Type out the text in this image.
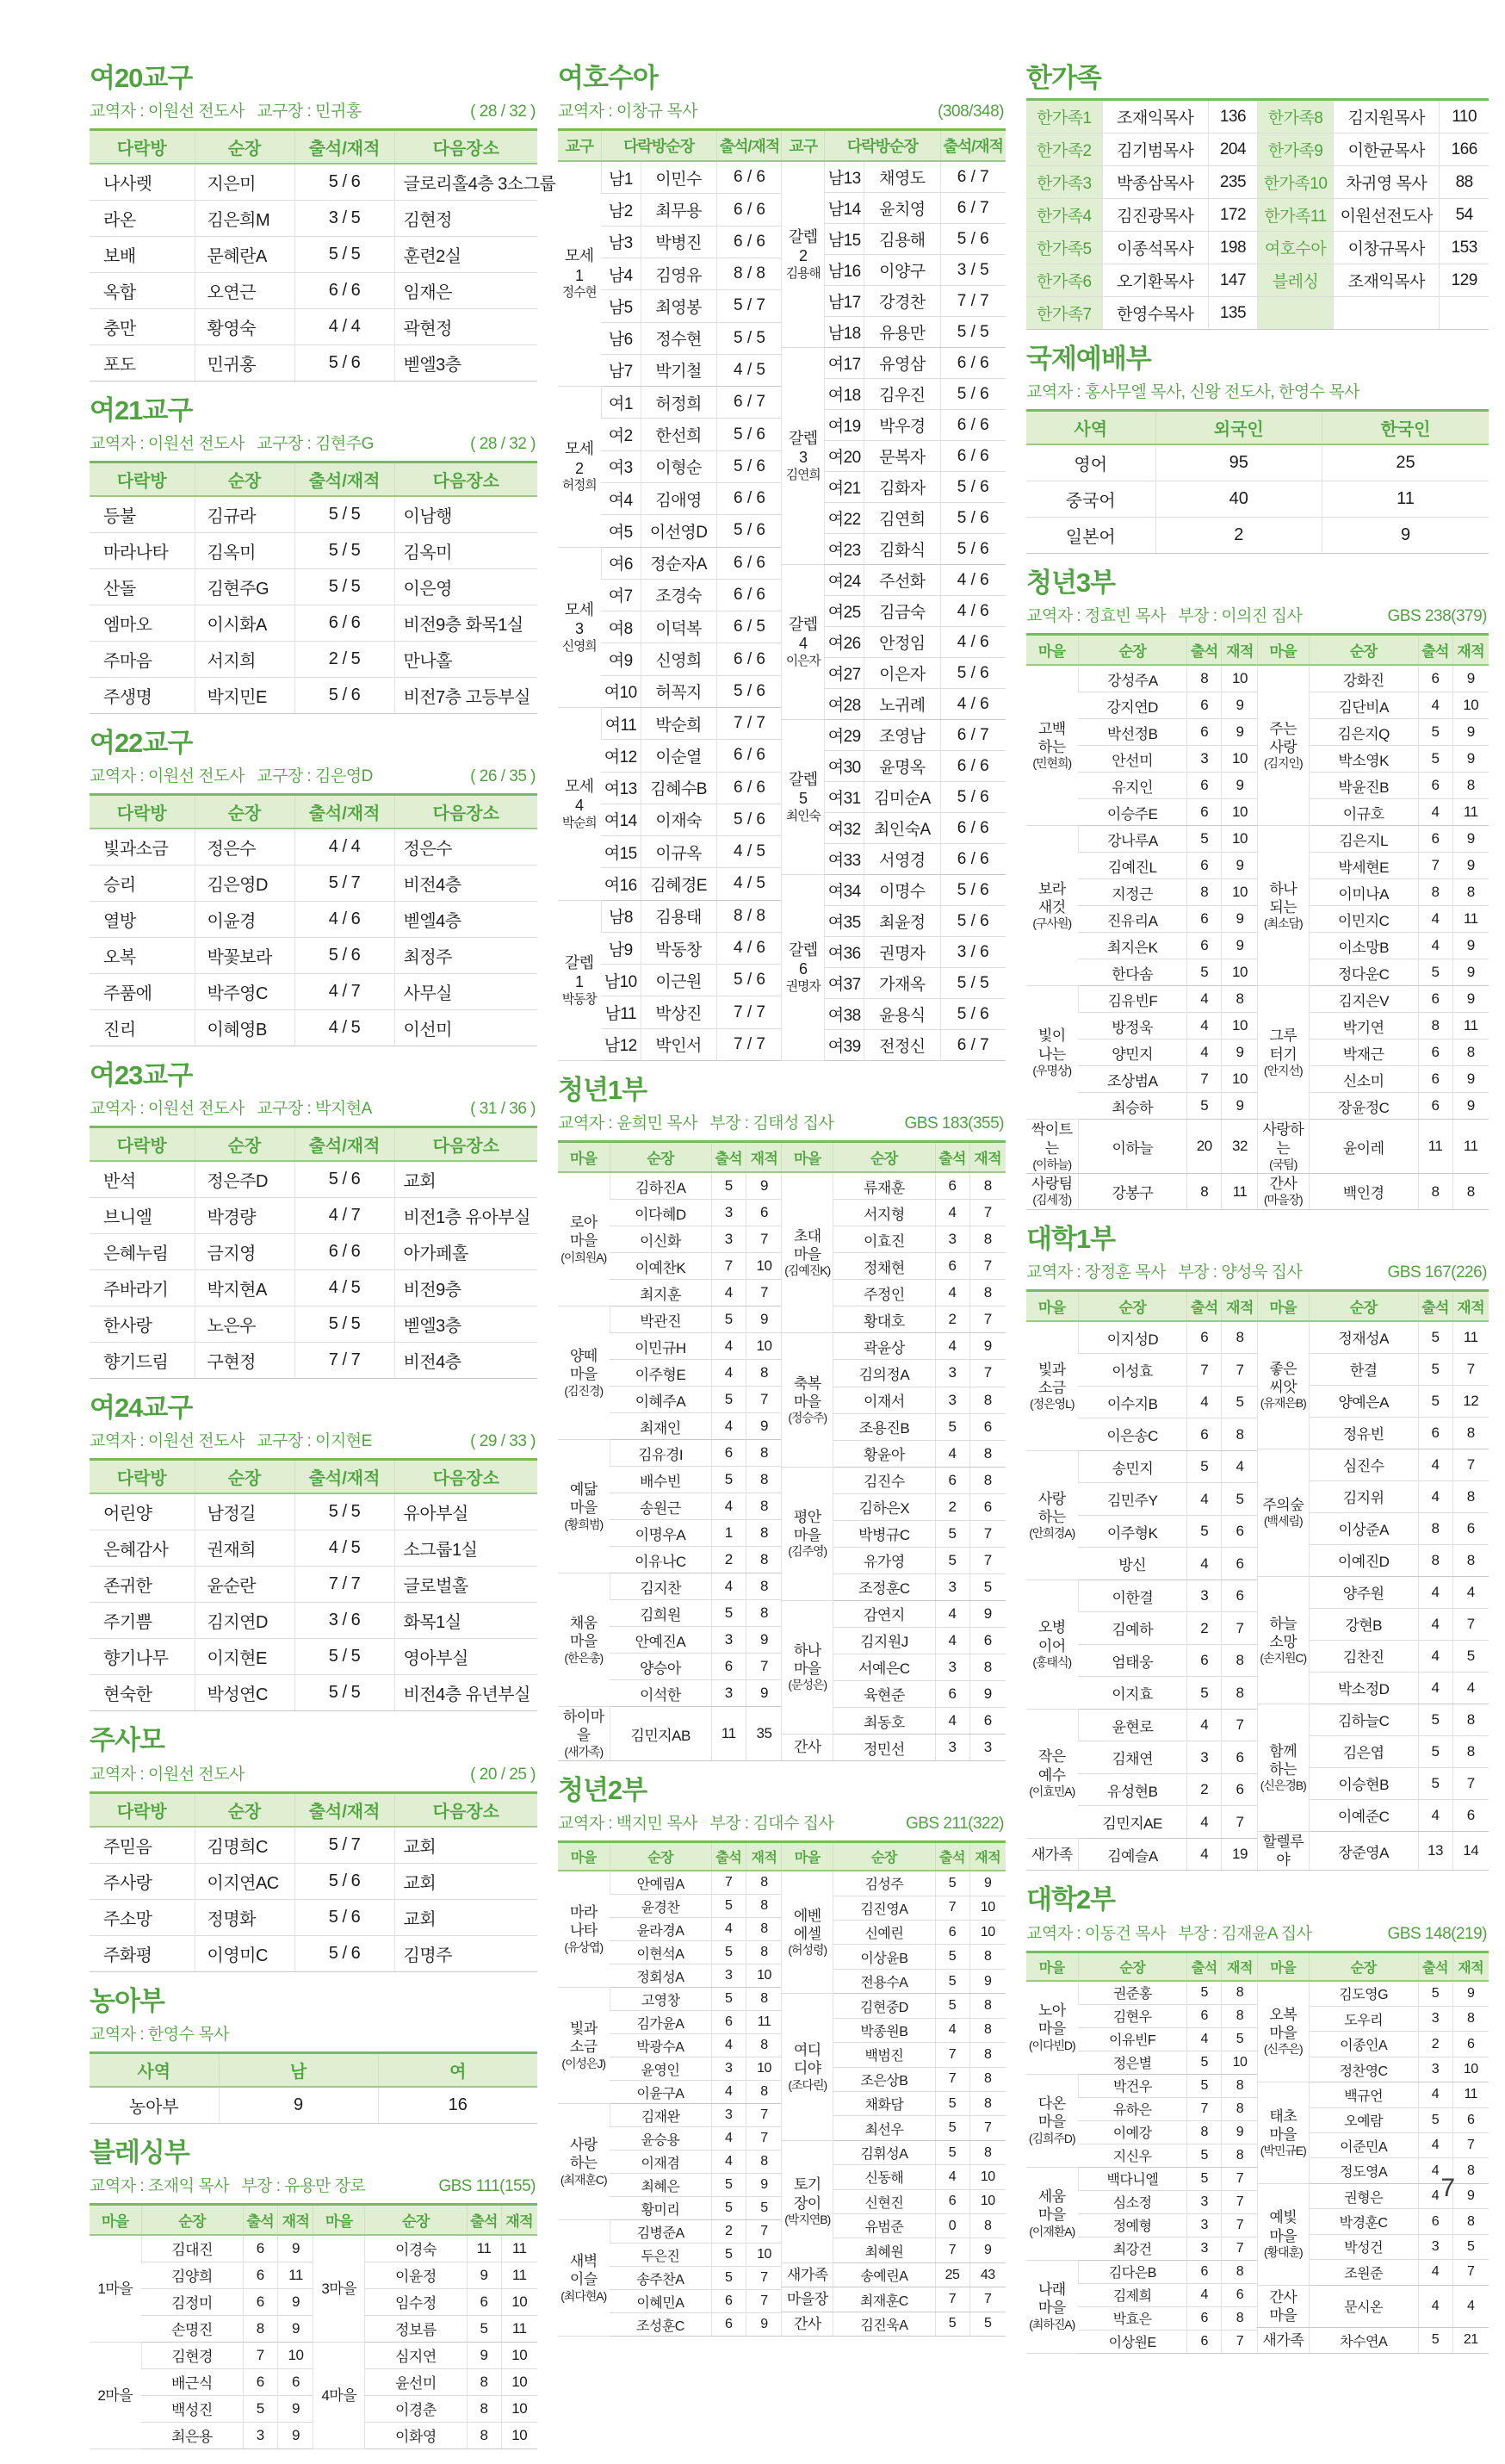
여20교구
교역자 : 이원선 전도사   교구장 : 민귀홍	( 28 / 32 )
다락방	순장	출석/재적	다음장소
나사렛	지은미	5 / 6	글로리홀4층 3소그룹
라온	김은희M	3 / 5	김현정
보배	문혜란A	5 / 5	훈련2실
옥합	오연근	6 / 6	임재은
충만	황영숙	4 / 4	곽현정
포도	민귀홍	5 / 6	벧엘3층
여21교구
교역자 : 이원선 전도사   교구장 : 김현주G	( 28 / 32 )
다락방	순장	출석/재적	다음장소
등불	김규라	5 / 5	이남행
마라나타	김옥미	5 / 5	김옥미
산돌	김현주G	5 / 5	이은영
엠마오	이시화A	6 / 6	비전9층 화목1실
주마음	서지희	2 / 5	만나홀
주생명	박지민E	5 / 6	비전7층 고등부실
여22교구
교역자 : 이원선 전도사   교구장 : 김은영D	( 26 / 35 )
다락방	순장	출석/재적	다음장소
빛과소금	정은수	4 / 4	정은수
승리	김은영D	5 / 7	비전4층
열방	이윤경	4 / 6	벧엘4층
오복	박꽃보라	5 / 6	최정주
주품에	박주영C	4 / 7	사무실
진리	이혜영B	4 / 5	이선미
여23교구
교역자 : 이원선 전도사   교구장 : 박지현A	( 31 / 36 )
다락방	순장	출석/재적	다음장소
반석	정은주D	5 / 6	교회
브니엘	박경량	4 / 7	비전1층 유아부실
은혜누림	금지영	6 / 6	아가페홀
주바라기	박지현A	4 / 5	비전9층
한사랑	노은우	5 / 5	벧엘3층
향기드림	구현정	7 / 7	비전4층
여24교구
교역자 : 이원선 전도사   교구장 : 이지현E	( 29 / 33 )
다락방	순장	출석/재적	다음장소
어린양	남정길	5 / 5	유아부실
은혜감사	권재희	4 / 5	소그룹1실
존귀한	윤순란	7 / 7	글로벌홀
주기쁨	김지연D	3 / 6	화목1실
향기나무	이지현E	5 / 5	영아부실
현숙한	박성연C	5 / 5	비전4층 유년부실
주사모
교역자 : 이원선 전도사	( 20 / 25 )
다락방	순장	출석/재적	다음장소
주믿음	김명희C	5 / 7	교회
주사랑	이지연AC	5 / 6	교회
주소망	정명화	5 / 6	교회
주화평	이영미C	5 / 6	김명주
농아부
교역자 : 한영수 목사
사역	남	여
농아부	9	16
블레싱부
교역자 : 조재익 목사   부장 : 유용만 장로	GBS 111(155)
마을	순장	출석	재적

1마을	김대진	6	9
	김양희	6	11
	김정미	6	9
	손명진	8	9

2마을	김현경	7	10
	배근식	6	6
	백성진	5	9
	최은용	3	9
마을	순장	출석	재적

3마을	이경숙	11	11
	이윤정	9	11
	임수정	6	10
	정보름	5	11

4마을	심지연	9	10
	윤선미	8	10
	이경춘	8	10
	이화영	8	10
여호수아
교역자 : 이창규 목사	(308/348)
교구	다락방순장		출석/재적

모세
1
정수현	남1	이민수	6 / 6
	남2	최무용	6 / 6
	남3	박병진	6 / 6
	남4	김영유	8 / 8
	남5	최영봉	5 / 7
	남6	정수현	5 / 5
	남7	박기철	4 / 5

모세
2
허정희	여1	허정희	6 / 7
	여2	한선희	5 / 6
	여3	이형순	5 / 6
	여4	김애영	6 / 6
	여5	이선영D	5 / 6

모세
3
신영희	여6	정순자A	6 / 6
	여7	조경숙	6 / 6
	여8	이덕복	6 / 5
	여9	신영희	6 / 6
	여10	허꼭지	5 / 6

모세
4
박순희	여11	박순희	7 / 7
	여12	이순열	6 / 6
	여13	김혜수B	6 / 6
	여14	이재숙	5 / 6
	여15	이규옥	4 / 5
	여16	김혜경E	4 / 5

갈렙
1
박동창	남8	김용태	8 / 8
	남9	박동창	4 / 6
	남10	이근원	5 / 6
	남11	박상진	7 / 7
	남12	박인서	7 / 7
교구	다락방순장		출석/재적

갈렙
2
김용해	남13	채영도	6 / 7
	남14	윤치영	6 / 7
	남15	김용해	5 / 6
	남16	이양구	3 / 5
	남17	강경찬	7 / 7
	남18	유용만	5 / 5

갈렙
3
김연희	여17	유영삼	6 / 6
	여18	김우진	5 / 6
	여19	박우경	6 / 6
	여20	문복자	6 / 6
	여21	김화자	5 / 6
	여22	김연희	5 / 6
	여23	김화식	5 / 6

갈렙
4
이은자	여24	주선화	4 / 6
	여25	김금숙	4 / 6
	여26	안정임	4 / 6
	여27	이은자	5 / 6
	여28	노귀례	4 / 6

갈렙
5
최인숙	여29	조영남	6 / 7
	여30	윤명옥	6 / 6
	여31	김미순A	5 / 6
	여32	최인숙A	6 / 6
	여33	서영경	6 / 6

갈렙
6
권명자	여34	이명수	5 / 6
	여35	최윤정	5 / 6
	여36	권명자	3 / 6
	여37	가재옥	5 / 5
	여38	윤용식	5 / 6
	여39	전정신	6 / 7
청년1부
교역자 : 윤희민 목사   부장 : 김태성 집사	GBS 183(355)
마을	순장	출석	재적

로아
마을
(이희원A)	김하진A	5	9
	이다혜D	3	6
	이신화	3	7
	이예찬K	7	10
	최지훈	4	7

양떼
마을
(김진경)	박관진	5	9
	이민규H	4	10
	이주형E	4	8
	이혜주A	5	7
	최재인	4	9

예닮
마을
(황희범)	김유경I	6	8
	배수빈	5	8
	송원근	4	8
	이명우A	1	8
	이유나C	2	8

채움
마을
(한은총)	김지찬	4	8
	김희원	5	8
	안예진A	3	9
	양승아	6	7
	이석한	3	9

하이마을
(새가족)	김민지AB	11	35
마을	순장	출석	재적

초대
마을
(김예진K)	류재훈	6	8
	서지형	4	7
	이효진	3	8
	정채현	6	7
	주정인	4	8
	황대호	2	7

축복
마을
(정승주)	곽윤상	4	9
	김의정A	3	7
	이재서	3	8
	조용진B	5	6
	황윤아	4	8

평안
마을
(김주영)	김진수	6	8
	김하은X	2	6
	박병규C	5	7
	유가영	5	7
	조정훈C	3	5

하나
마을
(문성은)	감연지	4	9
	김지원J	4	6
	서예은C	3	8
	육현준	6	9
	최동호	4	6

간사	정민선	3	3
청년2부
교역자 : 백지민 목사   부장 : 김대수 집사	GBS 211(322)
마을	순장	출석	재적

마라
나타
(유상엽)	안예림A	7	8
	윤경찬	5	8
	윤라경A	4	8
	이현석A	5	8
	정회성A	3	10

빛과
소금
(이성은J)	고영창	5	8
	김가윤A	6	11
	박광수A	4	8
	윤영인	3	10
	이윤구A	4	8

사랑
하는
(최재훈C)	김재완	3	7
	윤승용	4	7
	이재겸	4	8
	최혜은	5	9
	황미리	5	5

새벽
이슬
(최다현A)	김병준A	2	7
	두은진	5	10
	송주찬A	5	7
	이혜민A	6	7
	조성훈C	6	9
마을	순장	출석	재적

에벤
에셀
(허성령)	김성주	5	9
	김진영A	7	10
	신예린	6	10
	이상윤B	5	8
	전용수A	5	9

여디
디야
(조다린)	김현중D	5	8
	박종원B	4	8
	백범진	7	8
	조은상B	7	8
	채화담	5	8
	최선우	5	7

토기
장이
(박지연B)	김휘성A	5	8
	신동해	4	10
	신현진	6	10
	유범준	0	8
	최혜원	7	9

새가족	송예린A	25	43

마을장	최재훈C	7	7

간사	김진욱A	5	5
한가족
한가족1	조재익목사	136	한가족8	김지원목사	110
한가족2	김기범목사	204	한가족9	이한균목사	166
한가족3	박종삼목사	235	한가족10	차귀영 목사	88
한가족4	김진광목사	172	한가족11	이원선전도사	54
한가족5	이종석목사	198	여호수아	이창규목사	153
한가족6	오기환목사	147	블레싱	조재익목사	129
한가족7	한영수목사	135			
국제예배부
교역자 : 홍사무엘 목사, 신왕 전도사, 한영수 목사
사역	외국인	한국인
영어	95	25
중국어	40	11
일본어	2	9
청년3부
교역자 : 정효빈 목사   부장 : 이의진 집사	GBS 238(379)
마을	순장	출석	재적

고백
하는
(민현희)	강성주A	8	10
	강지연D	6	9
	박선정B	6	9
	안선미	3	10
	유지인	6	9
	이승주E	6	10

보라
새것
(구사원)	강나루A	5	10
	김예진L	6	9
	지정근	8	10
	진유리A	6	9
	최지은K	6	9
	한다솜	5	10

빛이
나는
(우명상)	김유빈F	4	8
	방정욱	4	10
	양민지	4	9
	조상범A	7	10
	최승하	5	9

싹이트는
(이하늘)	이하늘	20	32

사랑팀
(김세정)	강봉구	8	11
마을	순장	출석	재적

주는
사랑
(김지인)	강화진	6	9
	김단비A	4	10
	김은지Q	5	9
	박소영K	5	9
	박윤진B	6	8
	이규호	4	11

하나
되는
(최소담)	김은지L	6	9
	박세현E	7	9
	이미나A	8	8
	이민지C	4	11
	이소망B	4	9
	정다운C	5	9

그루
터기
(안지선)	김지은V	6	9
	박기연	8	11
	박재근	6	8
	신소미	6	9
	장윤정C	6	9

사랑하는
(국팀)	윤이레	11	11

간사
(마을장)	백인경	8	8
대학1부
교역자 : 장정훈 목사   부장 : 양성욱 집사	GBS 167(226)
마을	순장	출석	재적

빛과
소금
(정은영L)	이지성D	6	8
	이성효	7	7
	이수지B	4	5
	이은송C	6	8

사랑
하는
(안희경A)	송민지	5	4
	김민주Y	4	5
	이주형K	5	6
	방신	4	6

오병
이어
(홍태식)	이한결	3	6
	김예하	2	7
	엄태웅	6	8
	이지효	5	8

작은
예수
(이효민A)	윤현로	4	7
	김채연	3	6
	유성현B	2	6
	김민지AE	4	7

새가족	김예슬A	4	19
마을	순장	출석	재적

좋은
씨앗
(유재은B)	정재성A	5	11
	한결	5	7
	양예은A	5	12
	정유빈	6	8

주의숲
(백세림)	심진수	4	7
	김지위	4	8
	이상준A	8	6
	이예진D	8	8

하늘
소망
(손지원C)	양주원	4	4
	강현B	4	7
	김찬진	4	5
	박소정D	4	4

함께
하는
(신은경B)	김하늘C	5	8
	김은엽	5	8
	이승현B	5	7
	이예준C	4	6

할렐루야	장준영A	13	14
대학2부
교역자 : 이동건 목사   부장 : 김재윤A 집사	GBS 148(219)
마을	순장	출석	재적

노아
마을
(이다빈D)	권준홍	5	8
	김현우	6	8
	이유빈F	4	5
	정은별	5	10

다온
마을
(김희주D)	박건우	5	8
	유하은	7	8
	이예강	8	9
	지신우	5	8

세움
마을
(이재환A)	백다니엘	5	7
	심소정	3	7
	정예형	3	7
	최강건	3	7

나래
마을
(최하진A)	김다은B	6	8
	김제희	4	6
	박효은	6	8
	이상원E	6	7
마을	순장	출석	재적

오복
마을
(신주은)	김도영G	5	9
	도우리	3	8
	이종인A	2	6
	정찬영C	3	10

태초
마을
(박민규E)	백규언	4	11
	오예람	5	6
	이준민A	4	7
	정도영A	4	8

예빛
마을
(황대훈)	권형은	4	9
	박경훈C	6	8
	박성건	3	5
	조원준	4	7

간사
마을	문시온	4	4

새가족	차수연A	5	21
7
